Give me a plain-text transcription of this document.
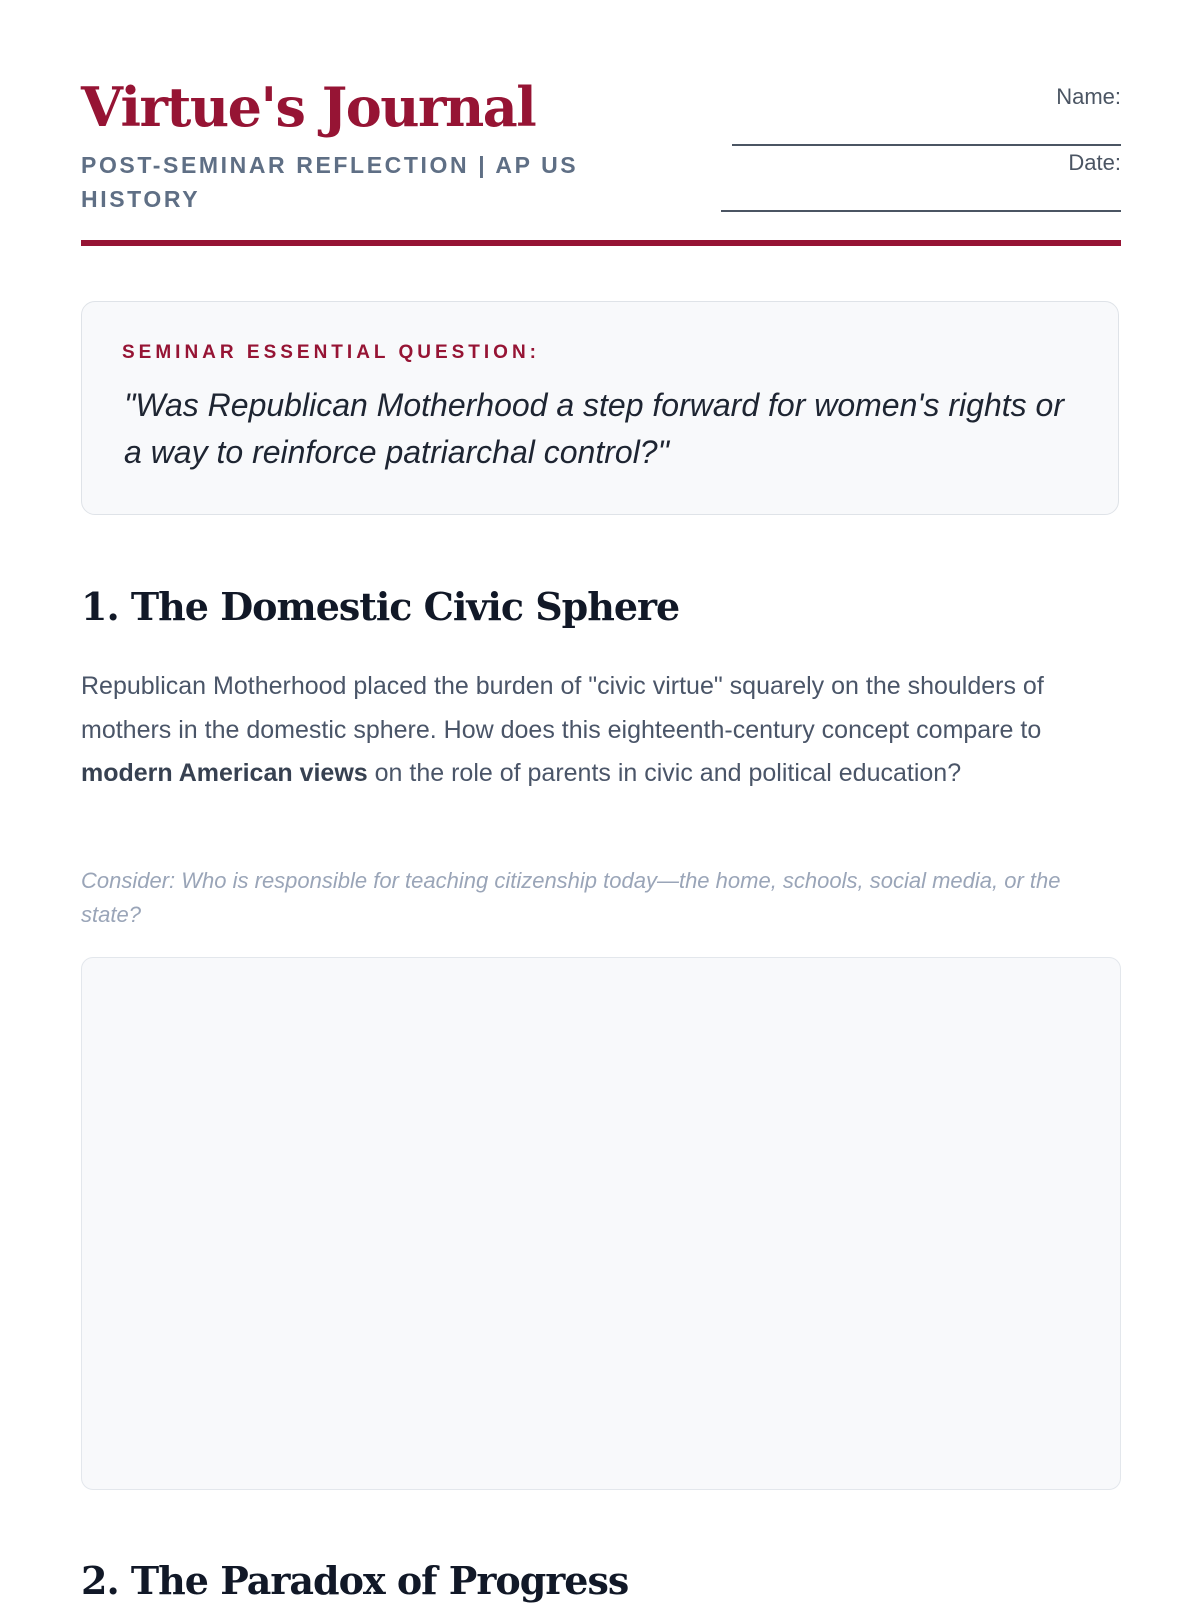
Virtue's Journal
POST-SEMINAR REFLECTION | AP US HISTORY
Name:
Date:
SEMINAR ESSENTIAL QUESTION:
"Was Republican Motherhood a step forward for women's rights or a way to reinforce patriarchal control?"
1. The Domestic Civic Sphere

Republican Motherhood placed the burden of "civic virtue" squarely on the shoulders of mothers in the domestic sphere. How does this eighteenth-century concept compare to modern American views on the role of parents in civic and political education?

Consider: Who is responsible for teaching citizenship today—the home, schools, social media, or the state?
2. The Paradox of Progress
